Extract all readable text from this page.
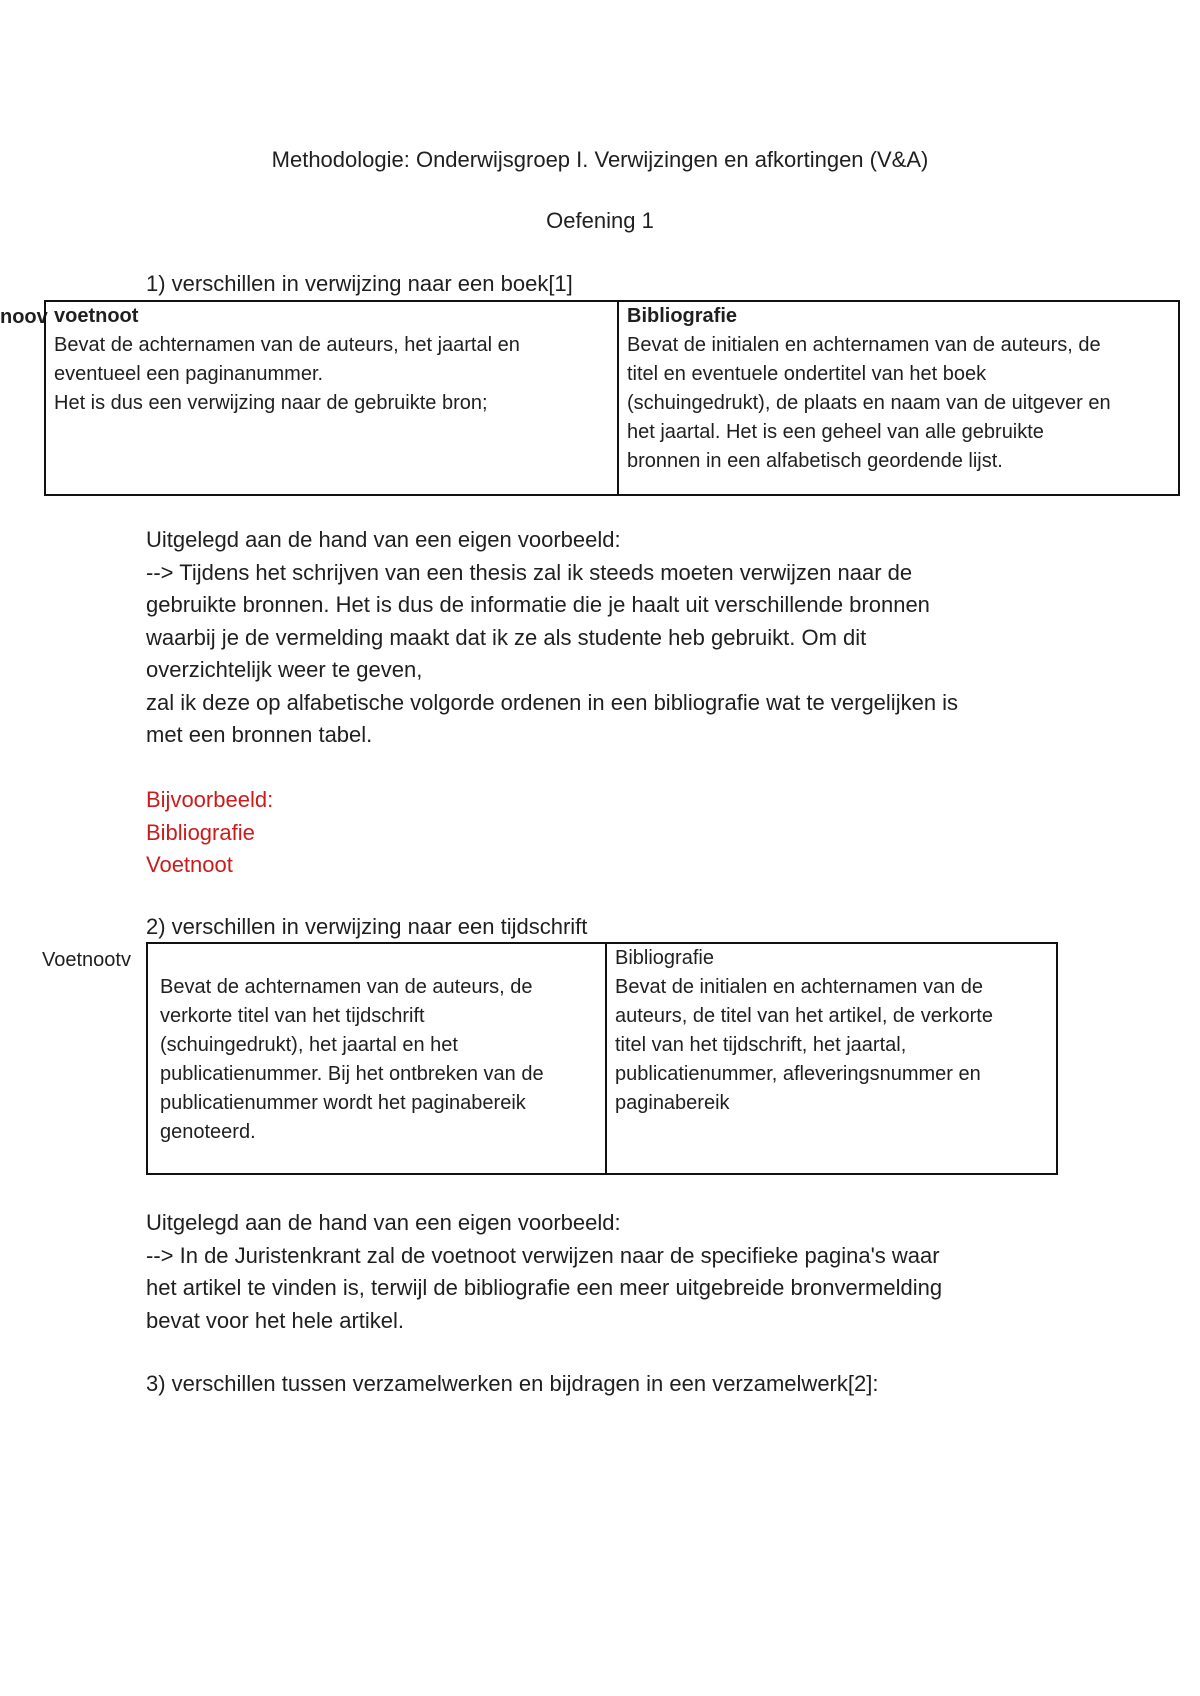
Methodologie: Onderwijsgroep I. Verwijzingen en afkortingen (V&A)
Oefening 1
1) verschillen in verwijzing naar een boek[1]
noov voetnoot
Bevat de achternamen van de auteurs, het jaartal en
eventueel een paginanummer.
Het is dus een verwijzing naar de gebruikte bron;

Bibliografie
Bevat de initialen en achternamen van de auteurs, de
titel en eventuele ondertitel van het boek
(schuingedrukt), de plaats en naam van de uitgever en
het jaartal. Het is een geheel van alle gebruikte
bronnen in een alfabetisch geordende lijst.
Uitgelegd aan de hand van een eigen voorbeeld:
--> Tijdens het schrijven van een thesis zal ik steeds moeten verwijzen naar de
gebruikte bronnen. Het is dus de informatie die je haalt uit verschillende bronnen
waarbij je de vermelding maakt dat ik ze als studente heb gebruikt. Om dit
overzichtelijk weer te geven,
zal ik deze op alfabetische volgorde ordenen in een bibliografie wat te vergelijken is
met een bronnen tabel.
Bijvoorbeeld:
Bibliografie
Voetnoot
2) verschillen in verwijzing naar een tijdschrift
Voetnootv
Bevat de achternamen van de auteurs, de
verkorte titel van het tijdschrift
(schuingedrukt), het jaartal en het
publicatienummer. Bij het ontbreken van de
publicatienummer wordt het paginabereik
genoteerd.

Bibliografie
Bevat de initialen en achternamen van de
auteurs, de titel van het artikel, de verkorte
titel van het tijdschrift, het jaartal,
publicatienummer, afleveringsnummer en
paginabereik
Uitgelegd aan de hand van een eigen voorbeeld:
--> In de Juristenkrant zal de voetnoot verwijzen naar de specifieke pagina's waar
het artikel te vinden is, terwijl de bibliografie een meer uitgebreide bronvermelding
bevat voor het hele artikel.
3) verschillen tussen verzamelwerken en bijdragen in een verzamelwerk[2]:
